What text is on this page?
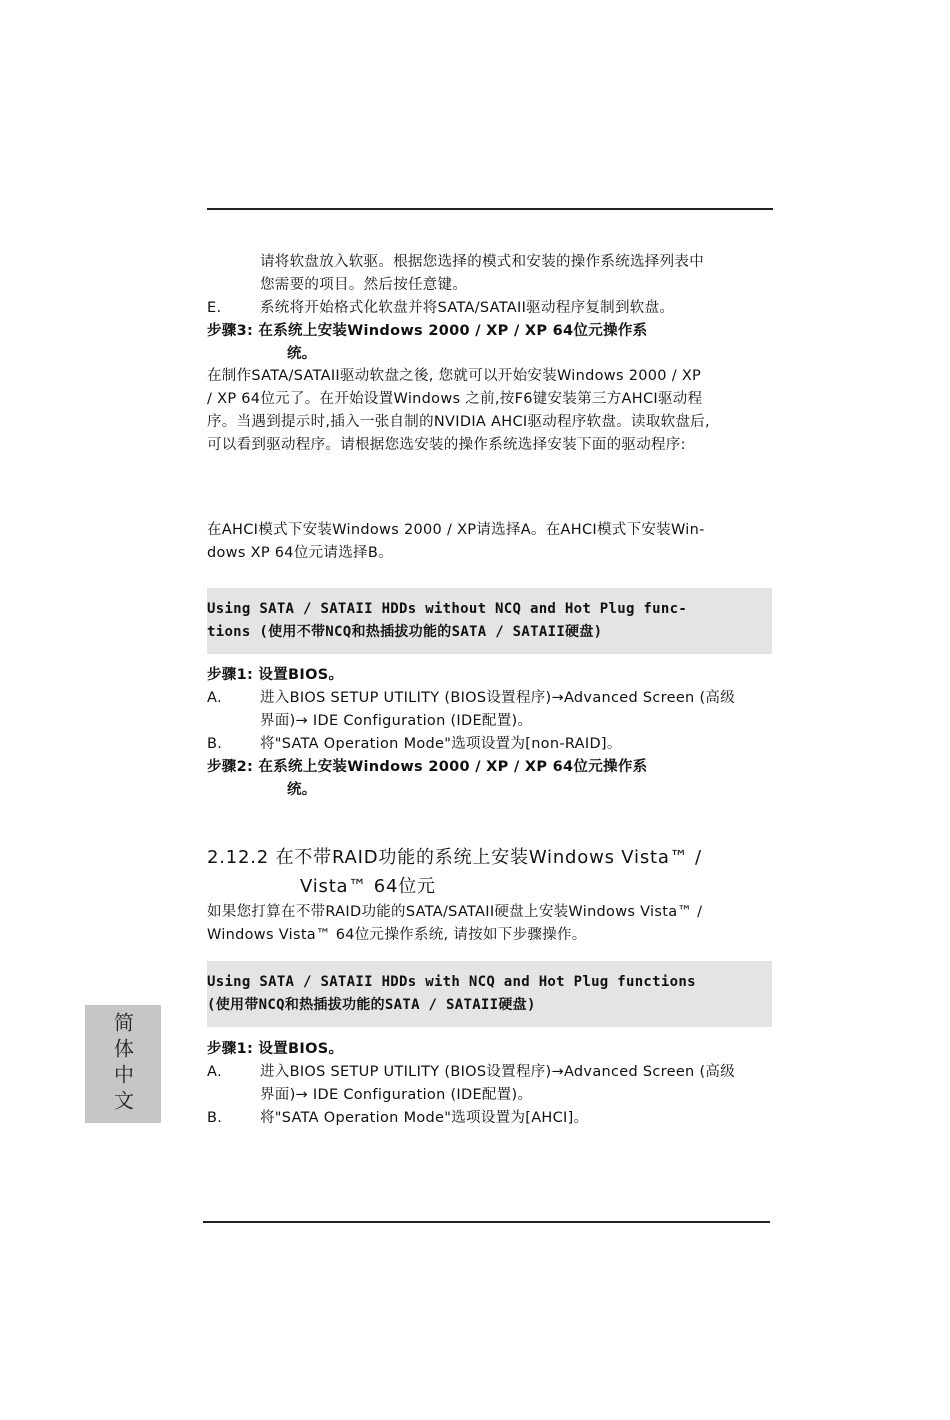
请将软盘放入软驱。根据您选择的模式和安装的操作系统选择列表中
您需要的项目。然后按任意键。
E.	系统将开始格式化软盘并将SATA/SATAII驱动程序复制到软盘。
步骤3: 在系统上安装Windows 2000 / XP / XP 64位元操作系
统。
在制作SATA/SATAII驱动软盘之後, 您就可以开始安装Windows 2000 / XP
/ XP 64位元了。在开始设置Windows 之前,按F6键安装第三方AHCI驱动程
序。当遇到提示时,插入一张自制的NVIDIA AHCI驱动程序软盘。读取软盘后,
可以看到驱动程序。请根据您选安装的操作系统选择安装下面的驱动程序:
在AHCI模式下安装Windows 2000 / XP请选择A。在AHCI模式下安装Win-
dows XP 64位元请选择B。
Using SATA / SATAII HDDs without NCQ and Hot Plug func-
tions (使用不带NCQ和热插拔功能的SATA / SATAII硬盘)
步骤1: 设置BIOS。
A.	进入BIOS SETUP UTILITY (BIOS设置程序)→Advanced Screen (高级
界面)→ IDE Configuration (IDE配置)。
B.	将"SATA Operation Mode"选项设置为[non-RAID]。
步骤2: 在系统上安装Windows 2000 / XP / XP 64位元操作系
统。
2.12.2 在不带RAID功能的系统上安装Windows Vista™ /
Vista™ 64位元
如果您打算在不带RAID功能的SATA/SATAII硬盘上安装Windows Vista™ /
Windows Vista™ 64位元操作系统, 请按如下步骤操作。
Using SATA / SATAII HDDs with NCQ and Hot Plug functions
(使用带NCQ和热插拔功能的SATA / SATAII硬盘)
步骤1: 设置BIOS。
A.	进入BIOS SETUP UTILITY (BIOS设置程序)→Advanced Screen (高级
界面)→ IDE Configuration (IDE配置)。
B.	将"SATA Operation Mode"选项设置为[AHCI]。
简体中文
